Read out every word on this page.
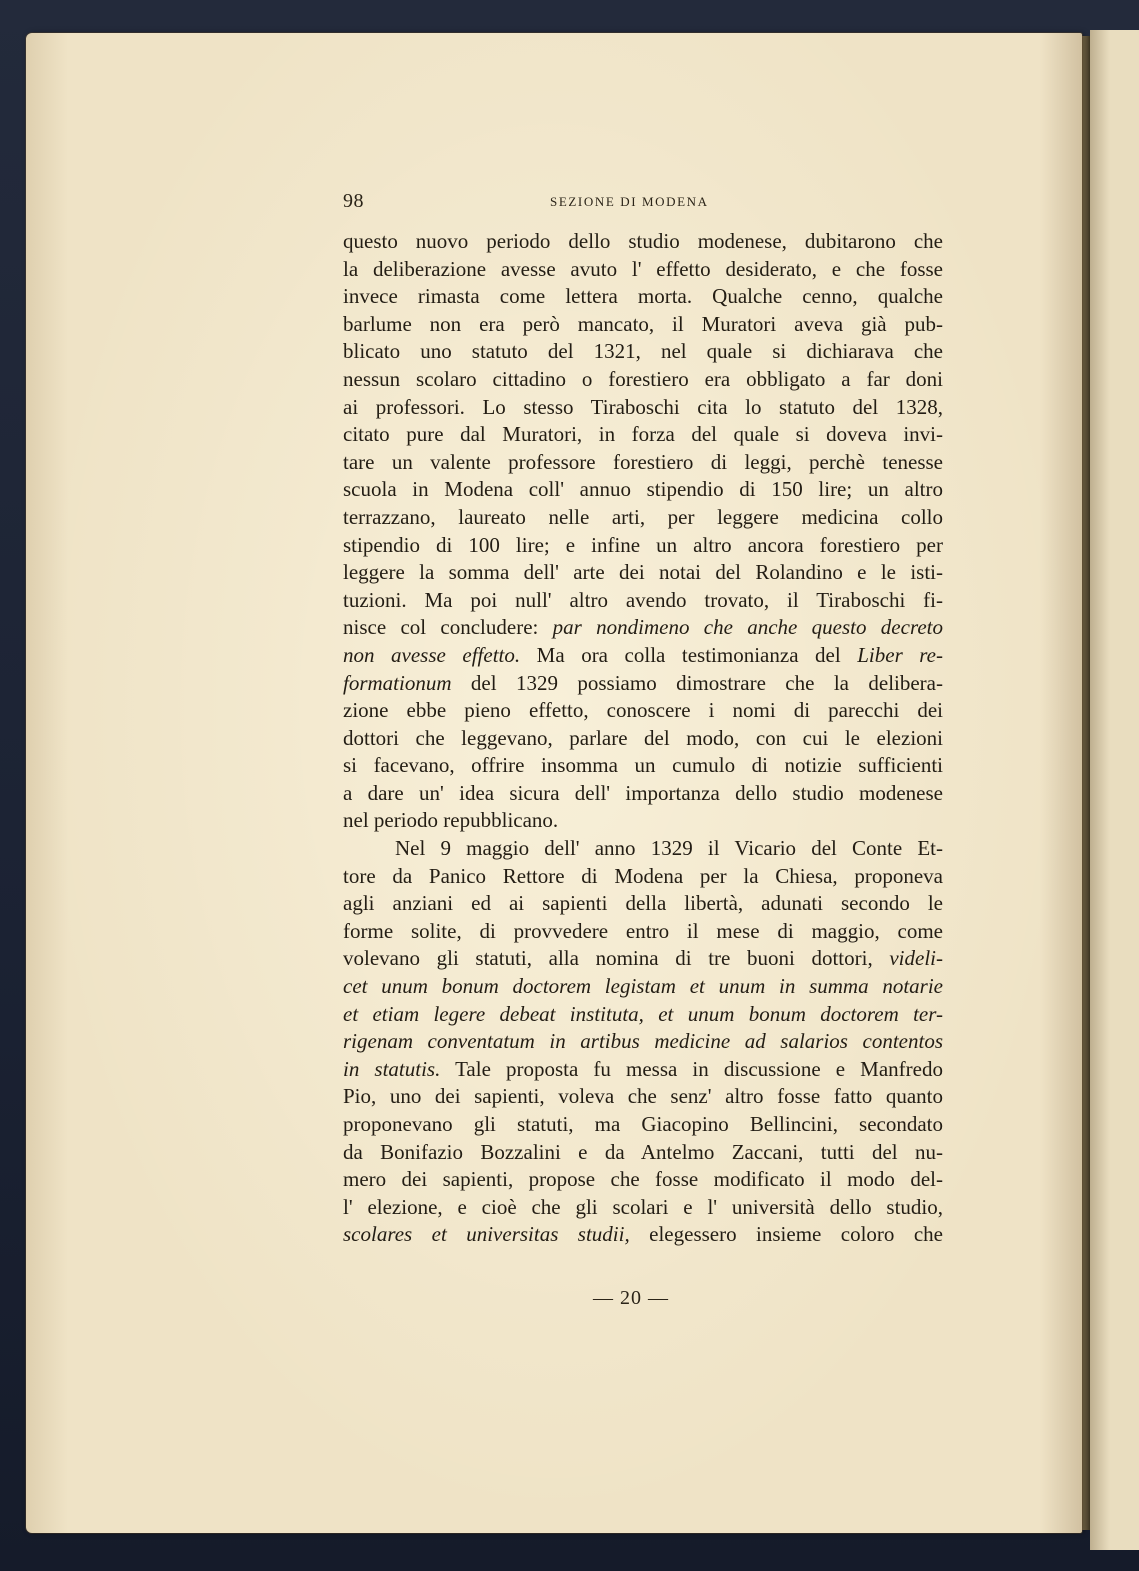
98	SEZIONE DI MODENA
questo nuovo periodo dello studio modenese, dubitarono che
la deliberazione avesse avuto l' effetto desiderato, e che fosse
invece rimasta come lettera morta. Qualche cenno, qualche
barlume non era però mancato, il Muratori aveva già pub-
blicato uno statuto del 1321, nel quale si dichiarava che
nessun scolaro cittadino o forestiero era obbligato a far doni
ai professori. Lo stesso Tiraboschi cita lo statuto del 1328,
citato pure dal Muratori, in forza del quale si doveva invi-
tare un valente professore forestiero di leggi, perchè tenesse
scuola in Modena coll' annuo stipendio di 150 lire; un altro
terrazzano, laureato nelle arti, per leggere medicina collo
stipendio di 100 lire; e infine un altro ancora forestiero per
leggere la somma dell' arte dei notai del Rolandino e le isti-
tuzioni. Ma poi null' altro avendo trovato, il Tiraboschi fi-
nisce col concludere: par nondimeno che anche questo decreto
non avesse effetto. Ma ora colla testimonianza del Liber re-
formationum del 1329 possiamo dimostrare che la delibera-
zione ebbe pieno effetto, conoscere i nomi di parecchi dei
dottori che leggevano, parlare del modo, con cui le elezioni
si facevano, offrire insomma un cumulo di notizie sufficienti
a dare un' idea sicura dell' importanza dello studio modenese
nel periodo repubblicano.
Nel 9 maggio dell' anno 1329 il Vicario del Conte Et-
tore da Panico Rettore di Modena per la Chiesa, proponeva
agli anziani ed ai sapienti della libertà, adunati secondo le
forme solite, di provvedere entro il mese di maggio, come
volevano gli statuti, alla nomina di tre buoni dottori, videli-
cet unum bonum doctorem legistam et unum in summa notarie
et etiam legere debeat instituta, et unum bonum doctorem ter-
rigenam conventatum in artibus medicine ad salarios contentos
in statutis. Tale proposta fu messa in discussione e Manfredo
Pio, uno dei sapienti, voleva che senz' altro fosse fatto quanto
proponevano gli statuti, ma Giacopino Bellincini, secondato
da Bonifazio Bozzalini e da Antelmo Zaccani, tutti del nu-
mero dei sapienti, propose che fosse modificato il modo del-
l' elezione, e cioè che gli scolari e l' università dello studio,
scolares et universitas studii, elegessero insieme coloro che
— 20 —
